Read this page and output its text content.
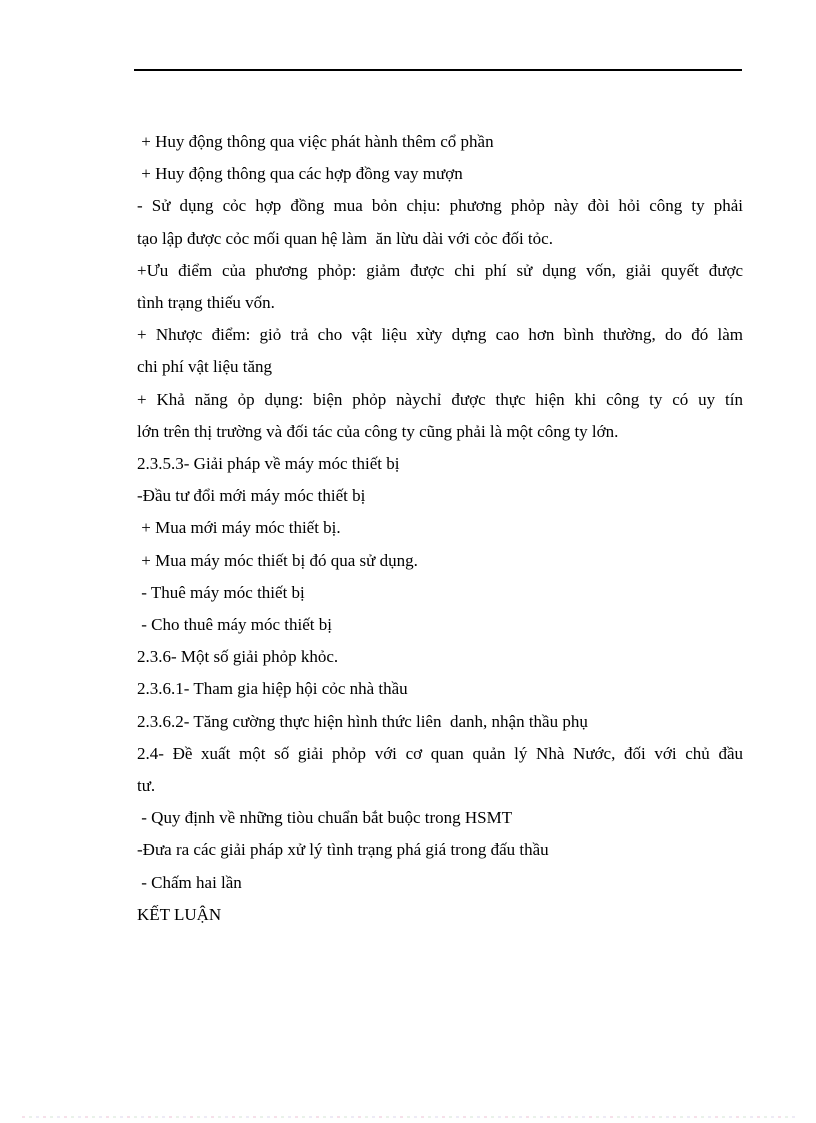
+ Huy động thông qua việc phát hành thêm cổ phần
+ Huy động thông qua các hợp đồng vay mượn
- Sử dụng cỏc hợp đồng mua bỏn chịu: phương phỏp này đòi hỏi công ty phải
tạo lập được cỏc mối quan hệ làm  ăn lừu dài với cỏc đối tỏc.
+Ưu điểm của phương phỏp: giảm được chi phí sử dụng vốn, giải quyết được
tình trạng thiếu vốn.
+ Nhược điểm: giỏ trả cho vật liệu xừy dựng cao hơn bình thường, do đó làm
chi phí vật liệu tăng
+ Khả năng ỏp dụng: biện phỏp nàychỉ được thực hiện khi công ty có uy tín
lớn trên thị trường và đối tác của công ty cũng phải là một công ty lớn.
2.3.5.3- Giải pháp về máy móc thiết bị
-Đầu tư đổi mới máy móc thiết bị
+ Mua mới máy móc thiết bị.
+ Mua máy móc thiết bị đó qua sử dụng.
- Thuê máy móc thiết bị
- Cho thuê máy móc thiết bị
2.3.6- Một số giải phỏp khỏc.
2.3.6.1- Tham gia hiệp hội cỏc nhà thầu
2.3.6.2- Tăng cường thực hiện hình thức liên  danh, nhận thầu phụ
2.4- Đề xuất một số giải phỏp với cơ quan quản lý Nhà Nước, đối với chủ đầu
tư.
- Quy định về những tiòu chuẩn bắt buộc trong HSMT
-Đưa ra các giải pháp xử lý tình trạng phá giá trong đấu thầu
- Chấm hai lần
KẾT LUẬN
